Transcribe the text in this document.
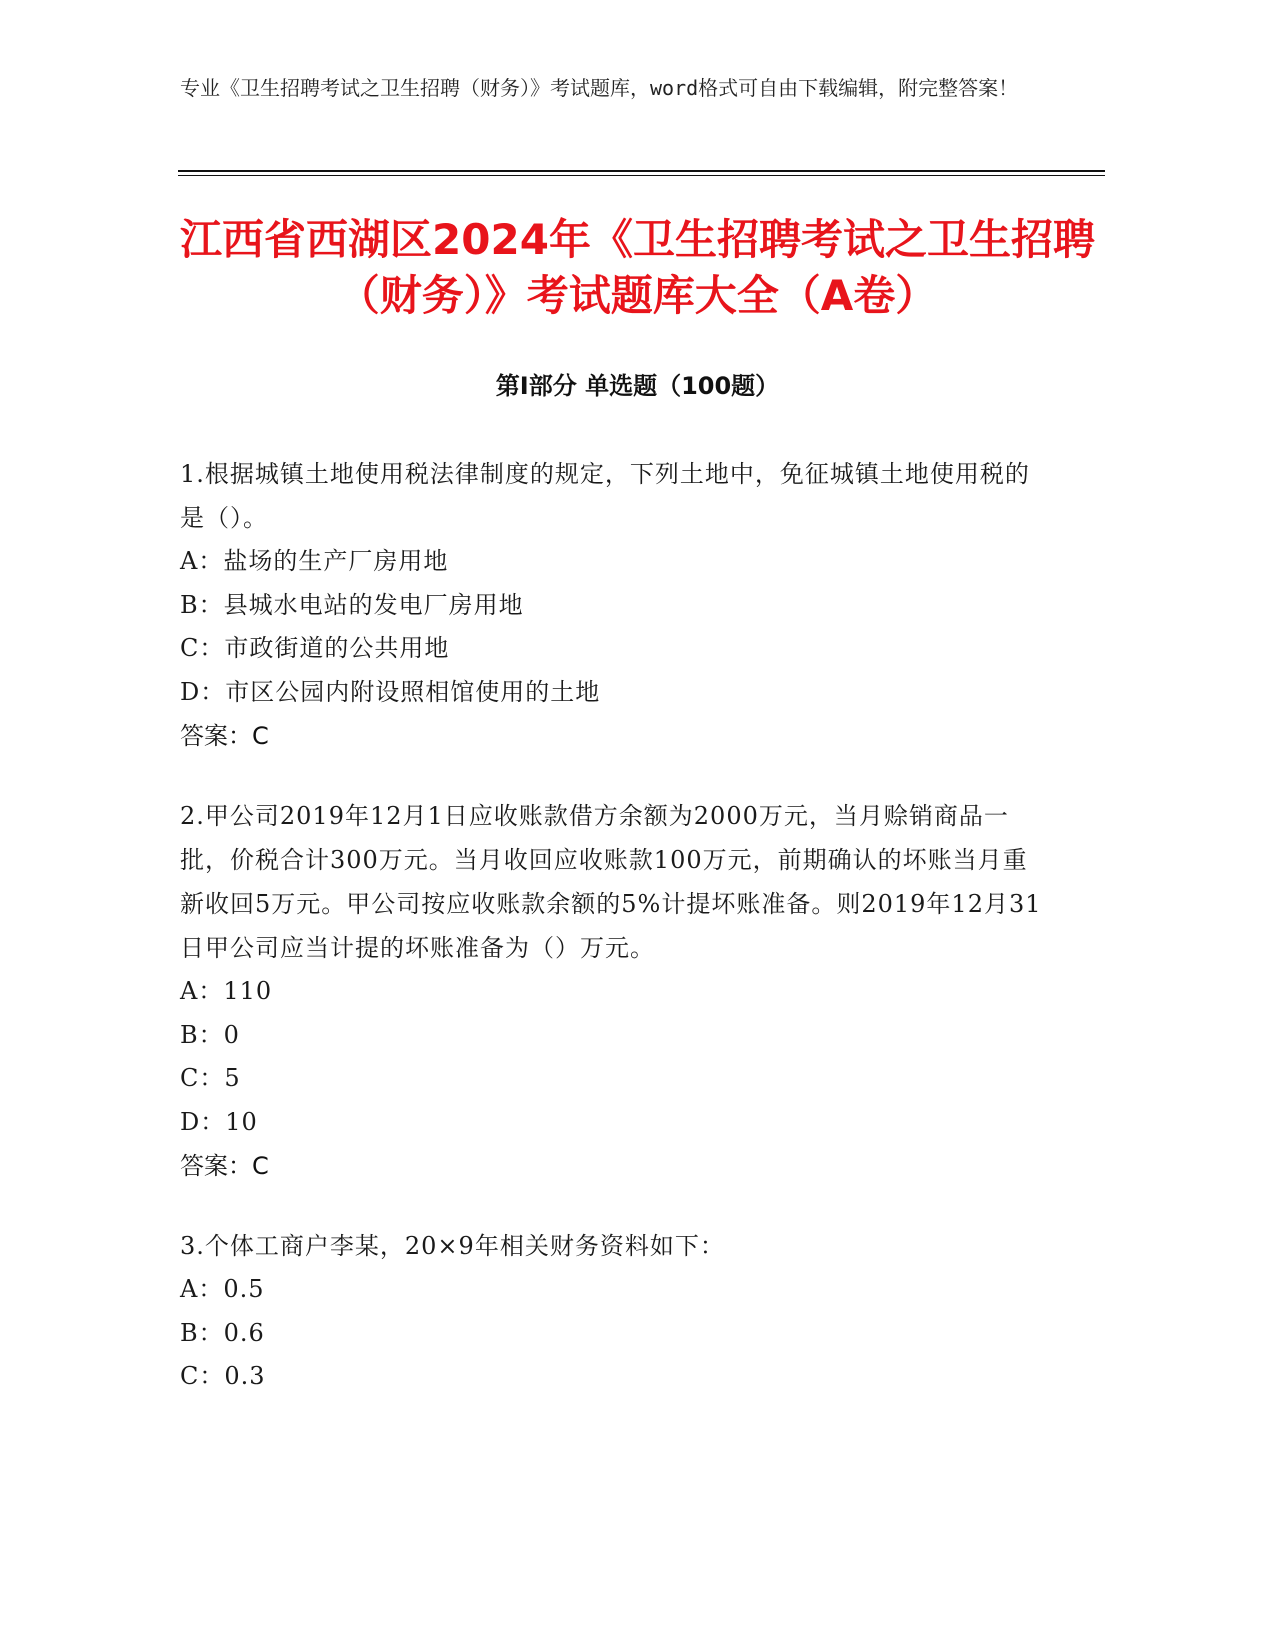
专业《卫生招聘考试之卫生招聘（财务）》考试题库，word格式可自由下载编辑，附完整答案！
江西省西湖区2024年《卫生招聘考试之卫生招聘（财务）》考试题库大全（A卷）
第Ⅰ部分 单选题（100题）
1.根据城镇土地使用税法律制度的规定，下列土地中，免征城镇土地使用税的是（）。
A：盐场的生产厂房用地
B：县城水电站的发电厂房用地
C：市政街道的公共用地
D：市区公园内附设照相馆使用的土地
答案：C
2.甲公司2019年12月1日应收账款借方余额为2000万元，当月赊销商品一批，价税合计300万元。当月收回应收账款100万元，前期确认的坏账当月重新收回5万元。甲公司按应收账款余额的5%计提坏账准备。则2019年12月31日甲公司应当计提的坏账准备为（）万元。
A：110
B：0
C：5
D：10
答案：C
3.个体工商户李某，20×9年相关财务资料如下：
A：0.5
B：0.6
C：0.3
